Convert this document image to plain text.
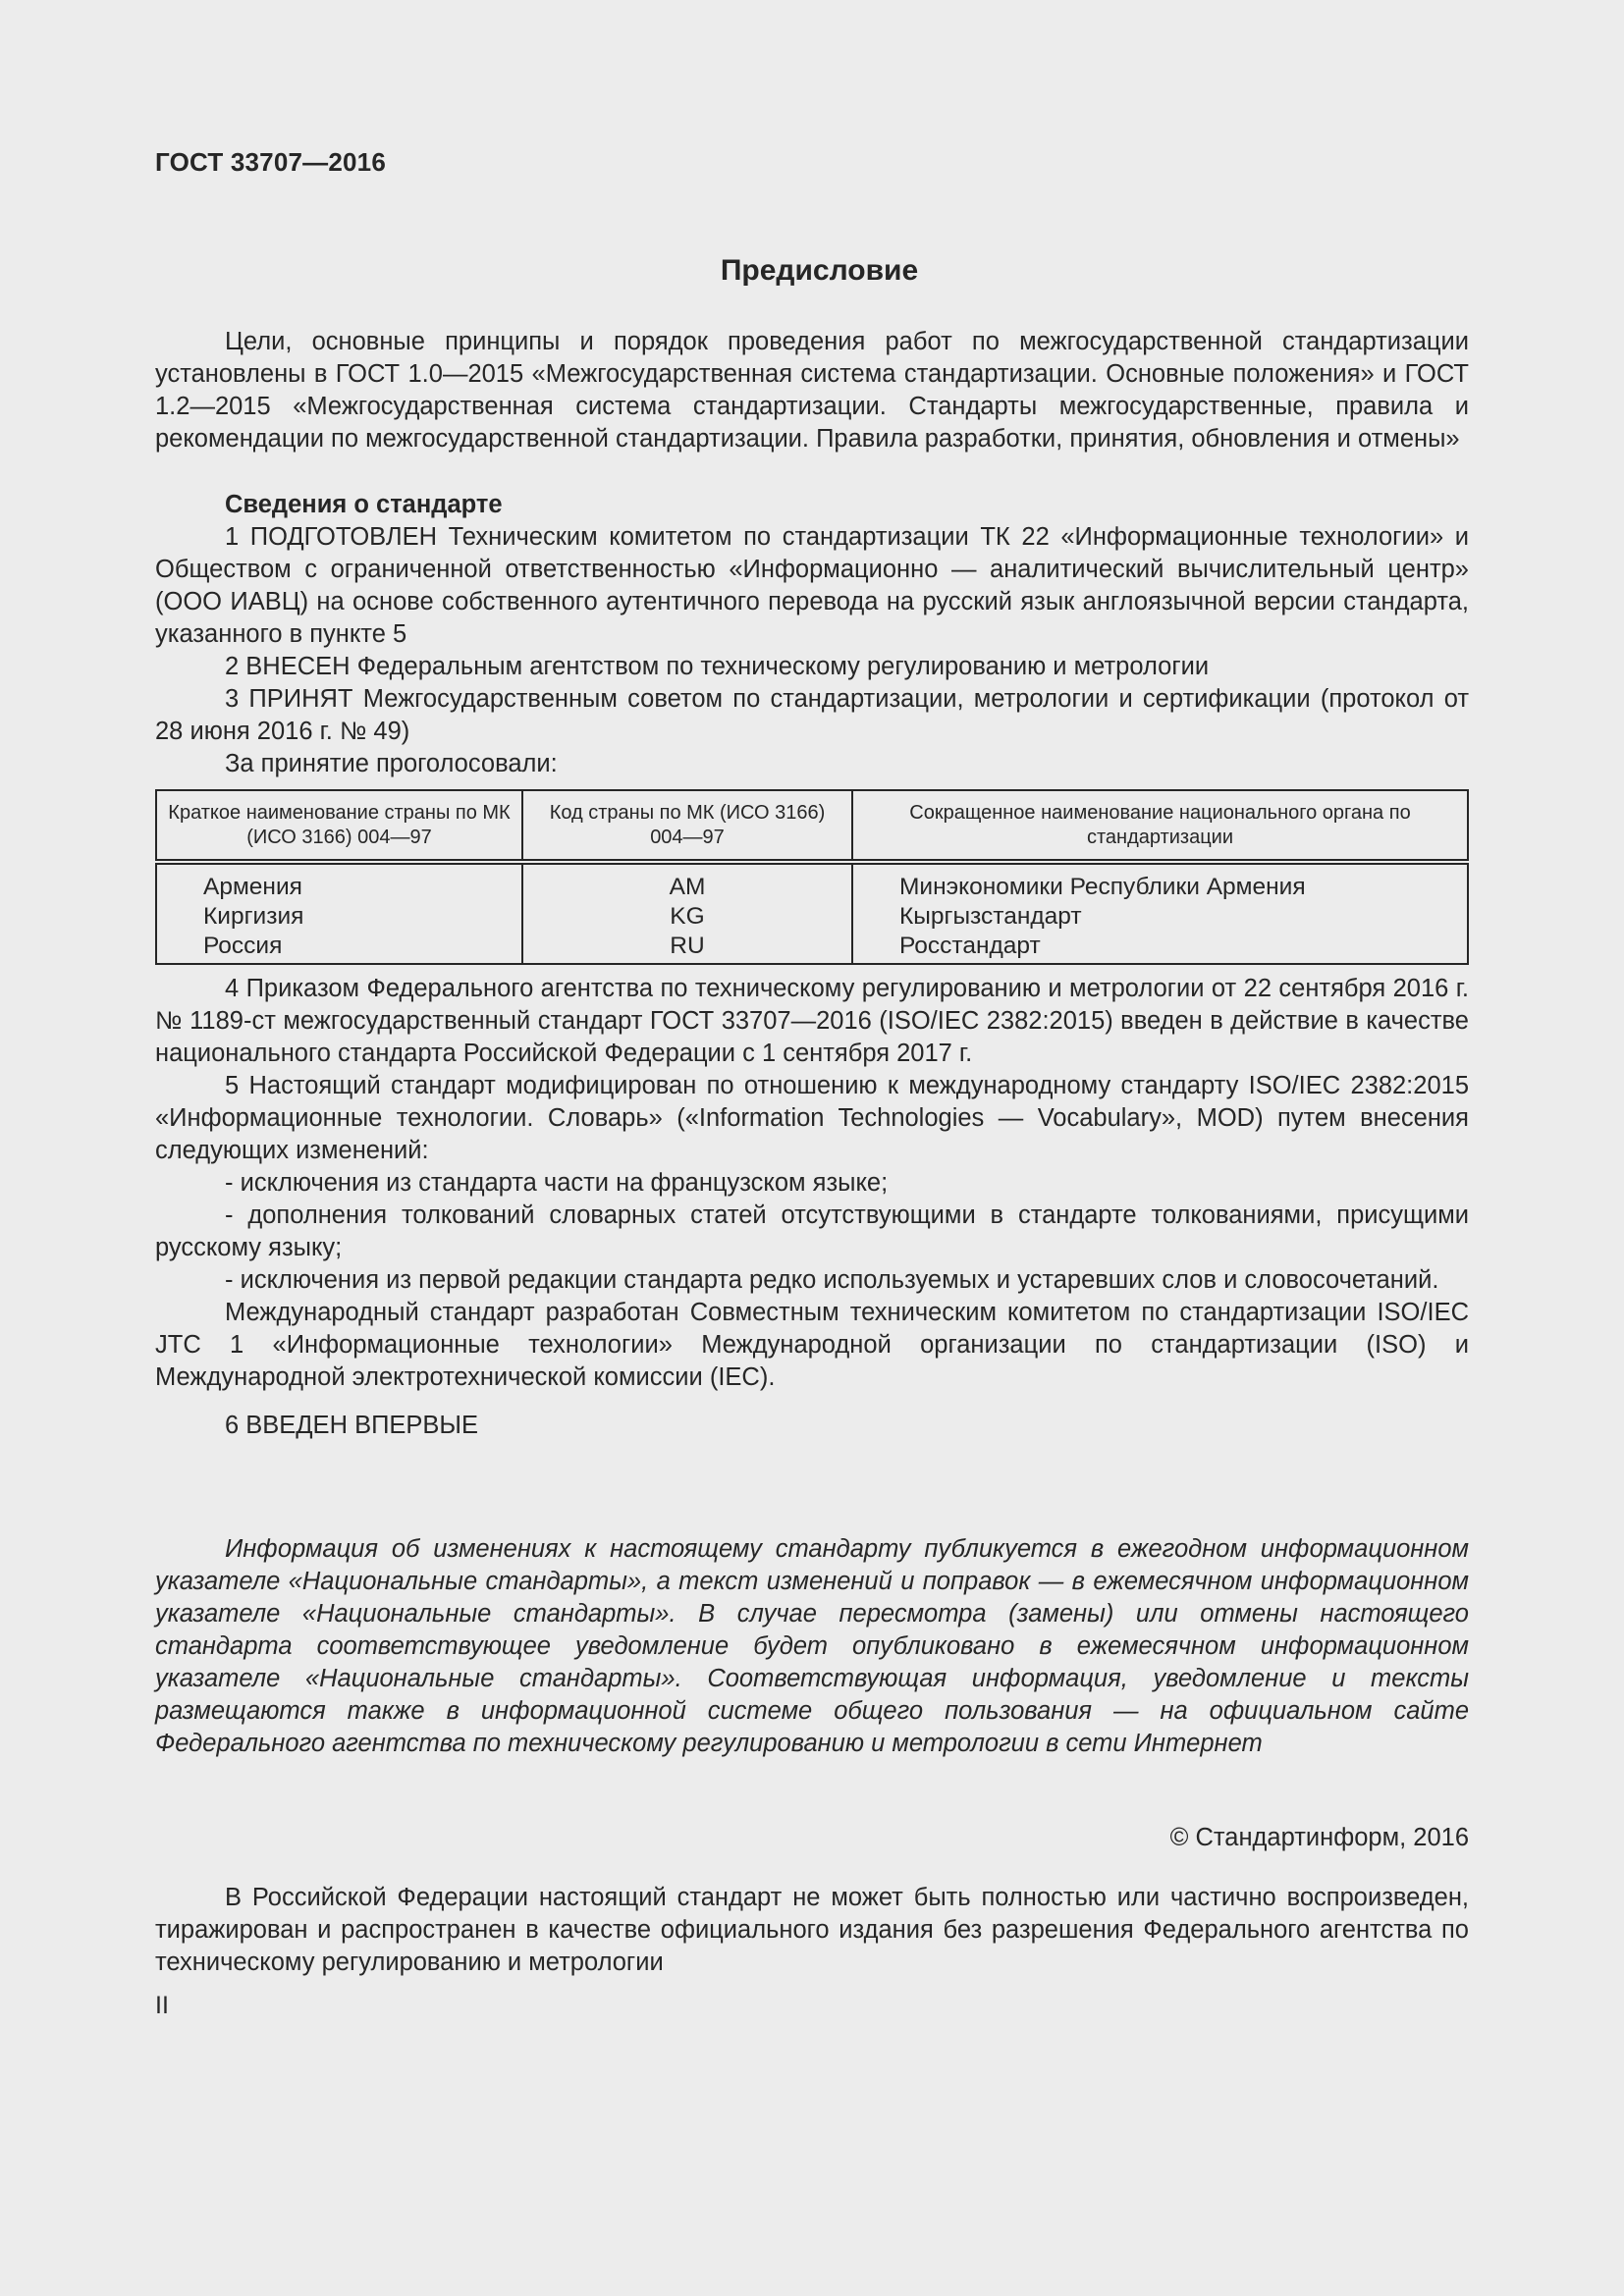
ГОСТ 33707—2016
Предисловие

Цели, основные принципы и порядок проведения работ по межгосударственной стандартизации установлены в ГОСТ 1.0—2015 «Межгосударственная система стандартизации. Основные положения» и ГОСТ 1.2—2015 «Межгосударственная система стандартизации. Стандарты межгосударственные, правила и рекомендации по межгосударственной стандартизации. Правила разработки, принятия, обновления и отмены»

Сведения о стандарте

1 ПОДГОТОВЛЕН Техническим комитетом по стандартизации ТК 22 «Информационные технологии» и Обществом с ограниченной ответственностью «Информационно — аналитический вычислительный центр» (ООО ИАВЦ) на основе собственного аутентичного перевода на русский язык англоязычной версии стандарта, указанного в пункте 5

2 ВНЕСЕН Федеральным агентством по техническому регулированию и метрологии

3 ПРИНЯТ Межгосударственным советом по стандартизации, метрологии и сертификации (протокол от 28 июня 2016 г. № 49)

За принятие проголосовали:

Краткое наименование страны по МК (ИСО 3166) 004—97	Код страны по МК (ИСО 3166) 004—97	Сокращенное наименование национального органа по стандартизации
Армения	AM	Минэкономики Республики Армения
Киргизия	KG	Кыргызстандарт
Россия	RU	Росстандарт

4 Приказом Федерального агентства по техническому регулированию и метрологии от 22 сентября 2016 г. № 1189-ст межгосударственный стандарт ГОСТ 33707—2016 (ISO/IEC 2382:2015) введен в действие в качестве национального стандарта Российской Федерации с 1 сентября 2017 г.

5 Настоящий стандарт модифицирован по отношению к международному стандарту ISO/IEC 2382:2015 «Информационные технологии. Словарь» («Information Technologies — Vocabulary», MOD) путем внесения следующих изменений:

- исключения из стандарта части на французском языке;

- дополнения толкований словарных статей отсутствующими в стандарте толкованиями, присущими русскому языку;

- исключения из первой редакции стандарта редко используемых и устаревших слов и словосочетаний.

Международный стандарт разработан Совместным техническим комитетом по стандартизации ISO/IEC JTC 1 «Информационные технологии» Международной организации по стандартизации (ISO) и Международной электротехнической комиссии (IEC).

6 ВВЕДЕН ВПЕРВЫЕ

Информация об изменениях к настоящему стандарту публикуется в ежегодном информационном указателе «Национальные стандарты», а текст изменений и поправок — в ежемесячном информационном указателе «Национальные стандарты». В случае пересмотра (замены) или отмены настоящего стандарта соответствующее уведомление будет опубликовано в ежемесячном информационном указателе «Национальные стандарты». Соответствующая информация, уведомление и тексты размещаются также в информационной системе общего пользования — на официальном сайте Федерального агентства по техническому регулированию и метрологии в сети Интернет

© Стандартинформ, 2016

В Российской Федерации настоящий стандарт не может быть полностью или частично воспроизведен, тиражирован и распространен в качестве официального издания без разрешения Федерального агентства по техническому регулированию и метрологии

II
